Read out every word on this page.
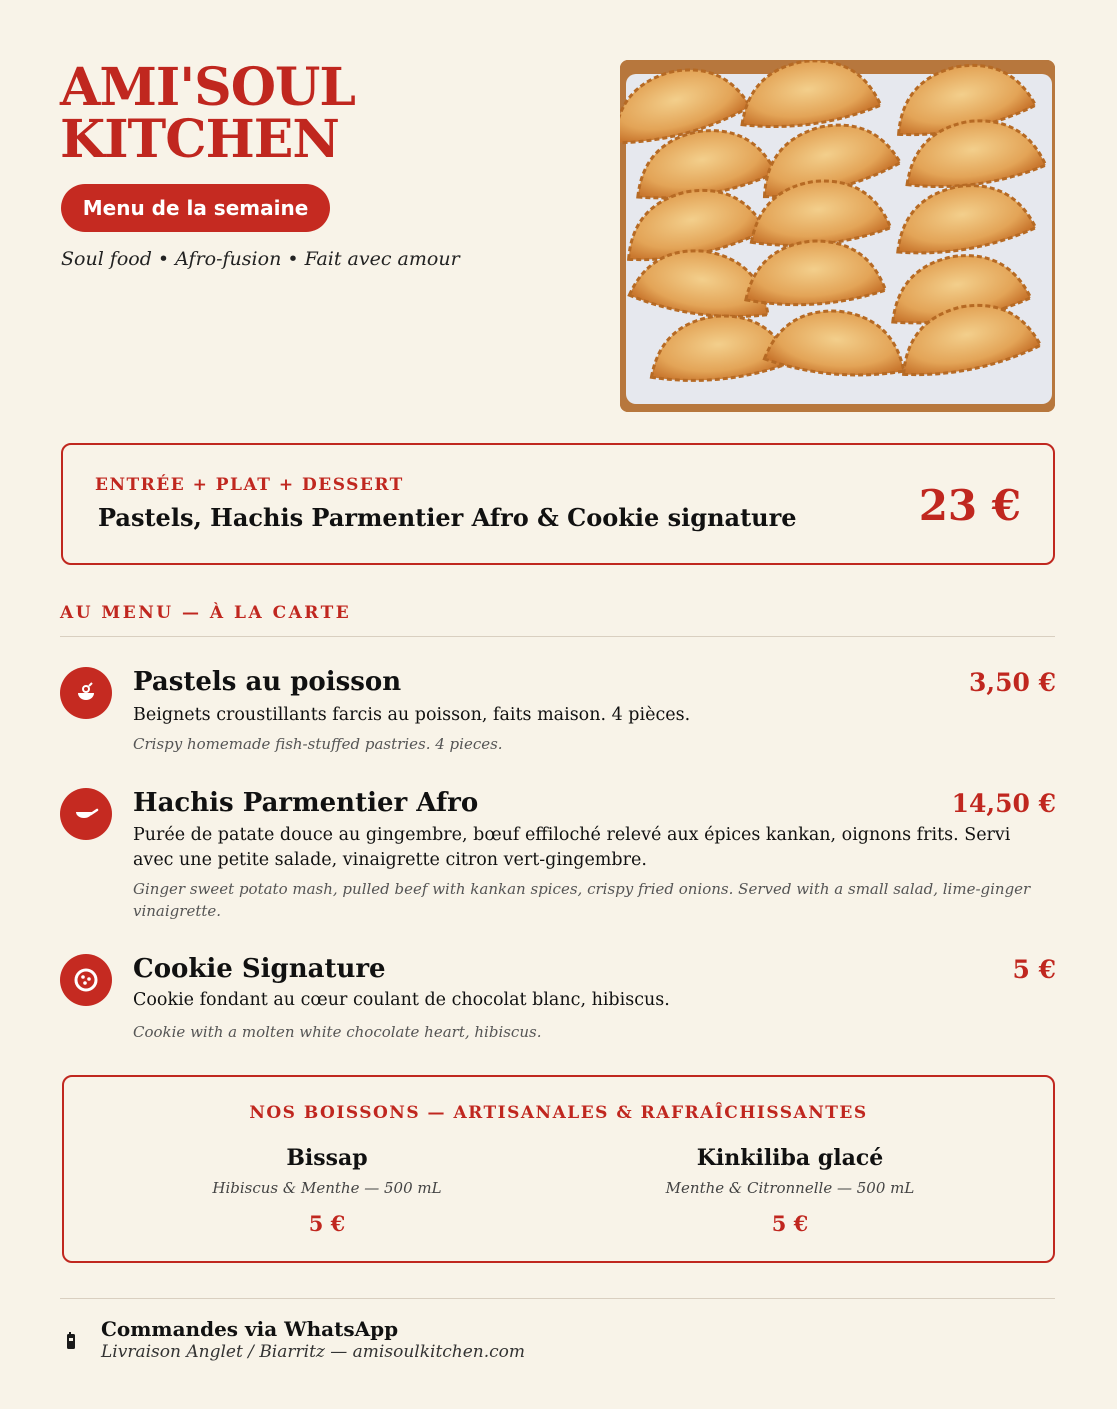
AMI'SOUL
KITCHEN
Menu de la semaine
Soul food • Afro-fusion • Fait avec amour
ENTRÉE + PLAT + DESSERT
Pastels, Hachis Parmentier Afro & Cookie signature	23 €
AU MENU — À LA CARTE
Pastels au poisson	3,50 €
Beignets croustillants farcis au poisson, faits maison. 4 pièces.
Crispy homemade fish-stuffed pastries. 4 pieces.
Hachis Parmentier Afro	14,50 €
Purée de patate douce au gingembre, bœuf effiloché relevé aux épices kankan, oignons frits. Servi avec une petite salade, vinaigrette citron vert-gingembre.
Ginger sweet potato mash, pulled beef with kankan spices, crispy fried onions. Served with a small salad, lime-ginger vinaigrette.
Cookie Signature	5 €
Cookie fondant au cœur coulant de chocolat blanc, hibiscus.
Cookie with a molten white chocolate heart, hibiscus.
NOS BOISSONS — ARTISANALES & RAFRAÎCHISSANTES
Bissap
Hibiscus & Menthe — 500 mL
5 €
Kinkiliba glacé
Menthe & Citronnelle — 500 mL
5 €
Commandes via WhatsApp
Livraison Anglet / Biarritz — amisoulkitchen.com
